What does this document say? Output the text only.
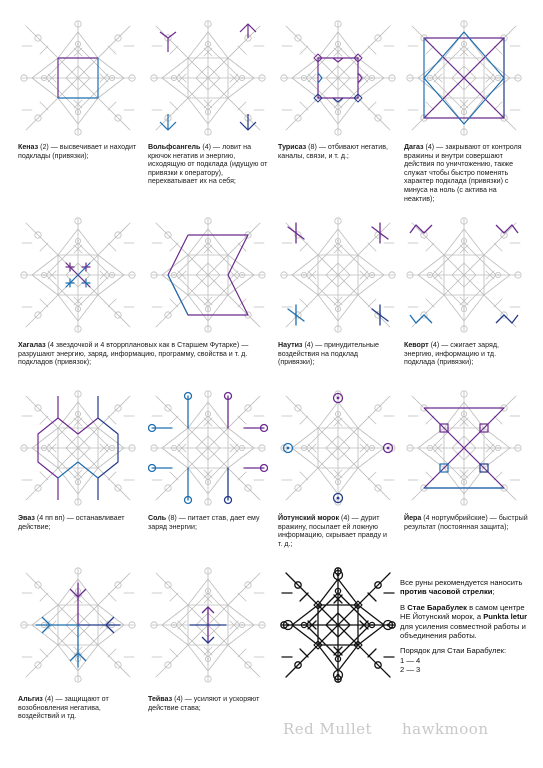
Кеназ (2) — высвечивает и находит подклады (привязки);
Вольфсангель (4) — ловит на крючок негатив и энергию, исходящую от подклада (идущую от привязки к оператору), перехватывает их на себя;
Турисаз (8) — отбивают негатив, каналы, связи, и т. д.;
Дагаз (4) — закрывают от контроля вражины и внутри совершают действия по уничтожению, также служат чтобы быстро поменять характер подклада (привязки) с минуса на ноль (с актива на неактив);
Хагалаз (4 звездочкой и 4 вторрплановых как в Старшем Футарке) — разрушают энергию, заряд, информацию, программу, свойства и т. д. подкладов (привязок);
Наутиз (4) — принудительные воздействия на подклад (привязки);
Кеворт (4) — сжигает заряд, энергию, информацию и тд. подклада (привязки);
Эваз (4 пп вп) — останавливает действие;
Соль (8) — питает став, дает ему заряд энергии;
Йотунский морок (4) — дурит вражину, посылает ей ложную информацию, скрывает правду и т. д.;
Йера (4 нортумбрийские) — быстрый результат (постоянная защита);
Альгиз (4) — защищают от возобновления негатива, воздействий и тд.
Тейваз (4) — усиляют и ускоряют действие става;

Все руны рекомендуется наносить против часовой стрелки;

В Стае Барабулек в самом центре НЕ Йотунский морок, а Punkta letur для усиления совместной работы и объединения работы.

Порядок для Стаи Барабулек:
1 — 4
2 — 3
Red Mullet hawkmoon
